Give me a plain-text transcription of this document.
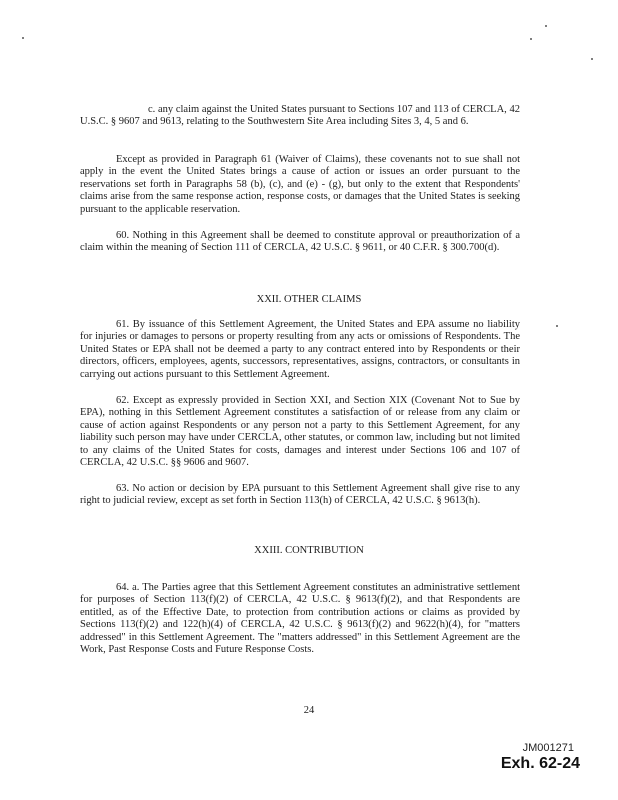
c. any claim against the United States pursuant to Sections 107 and 113 of CERCLA, 42 U.S.C. § 9607 and 9613, relating to the Southwestern Site Area including Sites 3, 4, 5 and 6.

Except as provided in Paragraph 61 (Waiver of Claims), these covenants not to sue shall not apply in the event the United States brings a cause of action or issues an order pursuant to the reservations set forth in Paragraphs 58 (b), (c), and (e) - (g), but only to the extent that Respondents' claims arise from the same response action, response costs, or damages that the United States is seeking pursuant to the applicable reservation.

60. Nothing in this Agreement shall be deemed to constitute approval or preauthorization of a claim within the meaning of Section 111 of CERCLA, 42 U.S.C. § 9611, or 40 C.F.R. § 300.700(d).

XXII. OTHER CLAIMS

61. By issuance of this Settlement Agreement, the United States and EPA assume no liability for injuries or damages to persons or property resulting from any acts or omissions of Respondents. The United States or EPA shall not be deemed a party to any contract entered into by Respondents or their directors, officers, employees, agents, successors, representatives, assigns, contractors, or consultants in carrying out actions pursuant to this Settlement Agreement.

62. Except as expressly provided in Section XXI, and Section XIX (Covenant Not to Sue by EPA), nothing in this Settlement Agreement constitutes a satisfaction of or release from any claim or cause of action against Respondents or any person not a party to this Settlement Agreement, for any liability such person may have under CERCLA, other statutes, or common law, including but not limited to any claims of the United States for costs, damages and interest under Sections 106 and 107 of CERCLA, 42 U.S.C. §§ 9606 and 9607.

63. No action or decision by EPA pursuant to this Settlement Agreement shall give rise to any right to judicial review, except as set forth in Section 113(h) of CERCLA, 42 U.S.C. § 9613(h).

XXIII. CONTRIBUTION

64. a. The Parties agree that this Settlement Agreement constitutes an administrative settlement for purposes of Section 113(f)(2) of CERCLA, 42 U.S.C. § 9613(f)(2), and that Respondents are entitled, as of the Effective Date, to protection from contribution actions or claims as provided by Sections 113(f)(2) and 122(h)(4) of CERCLA, 42 U.S.C. § 9613(f)(2) and 9622(h)(4), for "matters addressed" in this Settlement Agreement. The "matters addressed" in this Settlement Agreement are the Work, Past Response Costs and Future Response Costs.

24
JM001271
Exh. 62-24
